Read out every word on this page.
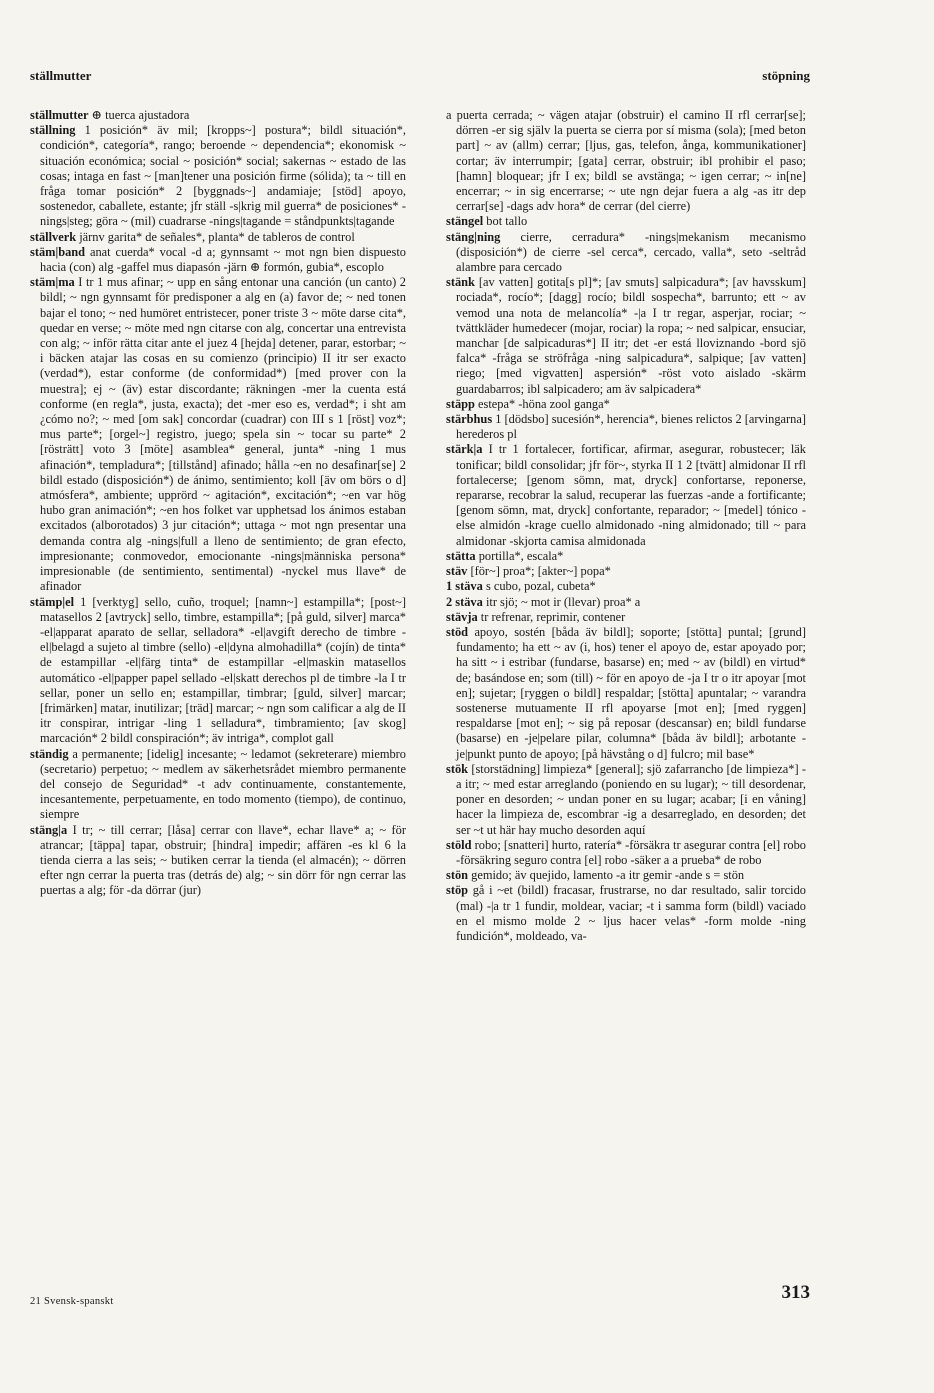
ställmutter	stöpning

ställmutter ⊕ tuerca ajustadora

ställning 1 posición* äv mil; [kropps~] postura*; bildl situación*, condición*, categoría*, rango; beroende ~ dependencia*; ekonomisk ~ situación económica; social ~ posición* social; sakernas ~ estado de las cosas; intaga en fast ~ [man]tener una posición firme (sólida); ta ~ till en fråga tomar posición* 2 [byggnads~] andamiaje; [stöd] apoyo, sostenedor, caballete, estante; jfr ställ -s|krig mil guerra* de posiciones* -nings|steg; göra ~ (mil) cuadrarse -nings|tagande = ståndpunkts|tagande

ställverk järnv garita* de señales*, planta* de tableros de control

stäm|band anat cuerda* vocal -d a; gynnsamt ~ mot ngn bien dispuesto hacia (con) alg -gaffel mus diapasón -järn ⊕ formón, gubia*, escoplo

stäm|ma I tr 1 mus afinar; ~ upp en sång entonar una canción (un canto) 2 bildl; ~ ngn gynnsamt för predisponer a alg en (a) favor de; ~ ned tonen bajar el tono; ~ ned humöret entristecer, poner triste 3 ~ möte darse cita*, quedar en verse; ~ möte med ngn citarse con alg, concertar una entrevista con alg; ~ inför rätta citar ante el juez 4 [hejda] detener, parar, estorbar; ~ i bäcken atajar las cosas en su comienzo (principio) II itr ser exacto (verdad*), estar conforme (de conformidad*) [med prover con la muestra]; ej ~ (äv) estar discordante; räkningen -mer la cuenta está conforme (en regla*, justa, exacta); det -mer eso es, verdad*; i sht am ¿cómo no?; ~ med [om sak] concordar (cuadrar) con III s 1 [röst] voz*; mus parte*; [orgel~] registro, juego; spela sin ~ tocar su parte* 2 [rösträtt] voto 3 [möte] asamblea* general, junta* -ning 1 mus afinación*, templadura*; [tillstånd] afinado; hålla ~en no desafinar[se] 2 bildl estado (disposición*) de ánimo, sentimiento; koll [äv om börs o d] atmósfera*, ambiente; upprörd ~ agitación*, excitación*; ~en var hög hubo gran animación*; ~en hos folket var upphetsad los ánimos estaban excitados (alborotados) 3 jur citación*; uttaga ~ mot ngn presentar una demanda contra alg -nings|full a lleno de sentimiento; de gran efecto, impresionante; conmovedor, emocionante -nings|människa persona* impresionable (de sentimiento, sentimental) -nyckel mus llave* de afinador

stämp|el 1 [verktyg] sello, cuño, troquel; [namn~] estampilla*; [post~] matasellos 2 [avtryck] sello, timbre, estampilla*; [på guld, silver] marca* -el|apparat aparato de sellar, selladora* -el|avgift derecho de timbre -el|belagd a sujeto al timbre (sello) -el|dyna almohadilla* (cojín) de tinta* de estampillar -el|färg tinta* de estampillar -el|maskin matasellos automático -el|papper papel sellado -el|skatt derechos pl de timbre -la I tr sellar, poner un sello en; estampillar, timbrar; [guld, silver] marcar; [frimärken] matar, inutilizar; [träd] marcar; ~ ngn som calificar a alg de II itr conspirar, intrigar -ling 1 selladura*, timbramiento; [av skog] marcación* 2 bildl conspiración*; äv intriga*, complot gall

ständig a permanente; [idelig] incesante; ~ ledamot (sekreterare) miembro (secretario) perpetuo; ~ medlem av säkerhetsrådet miembro permanente del consejo de Seguridad* -t adv continuamente, constantemente, incesantemente, perpetuamente, en todo momento (tiempo), de continuo, siempre

stäng|a I tr; ~ till cerrar; [låsa] cerrar con llave*, echar llave* a; ~ för atrancar; [täppa] tapar, obstruir; [hindra] impedir; affären -es kl 6 la tienda cierra a las seis; ~ butiken cerrar la tienda (el almacén); ~ dörren efter ngn cerrar la puerta tras (detrás de) alg; ~ sin dörr för ngn cerrar las puertas a alg; för -da dörrar (jur)

a puerta cerrada; ~ vägen atajar (obstruir) el camino II rfl cerrar[se]; dörren -er sig själv la puerta se cierra por sí misma (sola); [med beton part] ~ av (allm) cerrar; [ljus, gas, telefon, ånga, kommunikationer] cortar; äv interrumpir; [gata] cerrar, obstruir; ibl prohibir el paso; [hamn] bloquear; jfr I ex; bildl se avstänga; ~ igen cerrar; ~ in[ne] encerrar; ~ in sig encerrarse; ~ ute ngn dejar fuera a alg -as itr dep cerrar[se] -dags adv hora* de cerrar (del cierre)

stängel bot tallo

stäng|ning cierre, cerradura* -nings|mekanism mecanismo (disposición*) de cierre -sel cerca*, cercado, valla*, seto -seltråd alambre para cercado

stänk [av vatten] gotita[s pl]*; [av smuts] salpicadura*; [av havsskum] rociada*, rocío*; [dagg] rocío; bildl sospecha*, barrunto; ett ~ av vemod una nota de melancolía* -|a I tr regar, asperjar, rociar; ~ tvättkläder humedecer (mojar, rociar) la ropa; ~ ned salpicar, ensuciar, manchar [de salpicaduras*] II itr; det -er está lloviznando -bord sjö falca* -fråga se ströfråga -ning salpicadura*, salpique; [av vatten] riego; [med vigvatten] aspersión* -röst voto aislado -skärm guardabarros; ibl salpicadero; am äv salpicadera*

stäpp estepa* -höna zool ganga*

stärbhus 1 [dödsbo] sucesión*, herencia*, bienes relictos 2 [arvingarna] herederos pl

stärk|a I tr 1 fortalecer, fortificar, afirmar, asegurar, robustecer; läk tonificar; bildl consolidar; jfr för~, styrka II 1 2 [tvätt] almidonar II rfl fortalecerse; [genom sömn, mat, dryck] confortarse, reponerse, repararse, recobrar la salud, recuperar las fuerzas -ande a fortificante; [genom sömn, mat, dryck] confortante, reparador; ~ [medel] tónico -else almidón -krage cuello almidonado -ning almidonado; till ~ para almidonar -skjorta camisa almidonada

stätta portilla*, escala*

stäv [för~] proa*; [akter~] popa*

1 stäva s cubo, pozal, cubeta*

2 stäva itr sjö; ~ mot ir (llevar) proa* a

stävja tr refrenar, reprimir, contener

stöd apoyo, sostén [båda äv bildl]; soporte; [stötta] puntal; [grund] fundamento; ha ett ~ av (i, hos) tener el apoyo de, estar apoyado por; ha sitt ~ i estribar (fundarse, basarse) en; med ~ av (bildl) en virtud* de; basándose en; som (till) ~ för en apoyo de -ja I tr o itr apoyar [mot en]; sujetar; [ryggen o bildl] respaldar; [stötta] apuntalar; ~ varandra sostenerse mutuamente II rfl apoyarse [mot en]; [med ryggen] respaldarse [mot en]; ~ sig på reposar (descansar) en; bildl fundarse (basarse) en -je|pelare pilar, columna* [båda äv bildl]; arbotante -je|punkt punto de apoyo; [på hävstång o d] fulcro; mil base*

stök [storstädning] limpieza* [general]; sjö zafarrancho [de limpieza*] -a itr; ~ med estar arreglando (poniendo en su lugar); ~ till desordenar, poner en desorden; ~ undan poner en su lugar; acabar; [i en våning] hacer la limpieza de, escombrar -ig a desarreglado, en desorden; det ser ~t ut här hay mucho desorden aquí

stöld robo; [snatteri] hurto, ratería* -försäkra tr asegurar contra [el] robo -försäkring seguro contra [el] robo -säker a a prueba* de robo

stön gemido; äv quejido, lamento -a itr gemir -ande s = stön

stöp gå i ~et (bildl) fracasar, frustrarse, no dar resultado, salir torcido (mal) -|a tr 1 fundir, moldear, vaciar; -t i samma form (bildl) vaciado en el mismo molde 2 ~ ljus hacer velas* -form molde -ning fundición*, moldeado, va-

21 Svensk-spanskt	313
